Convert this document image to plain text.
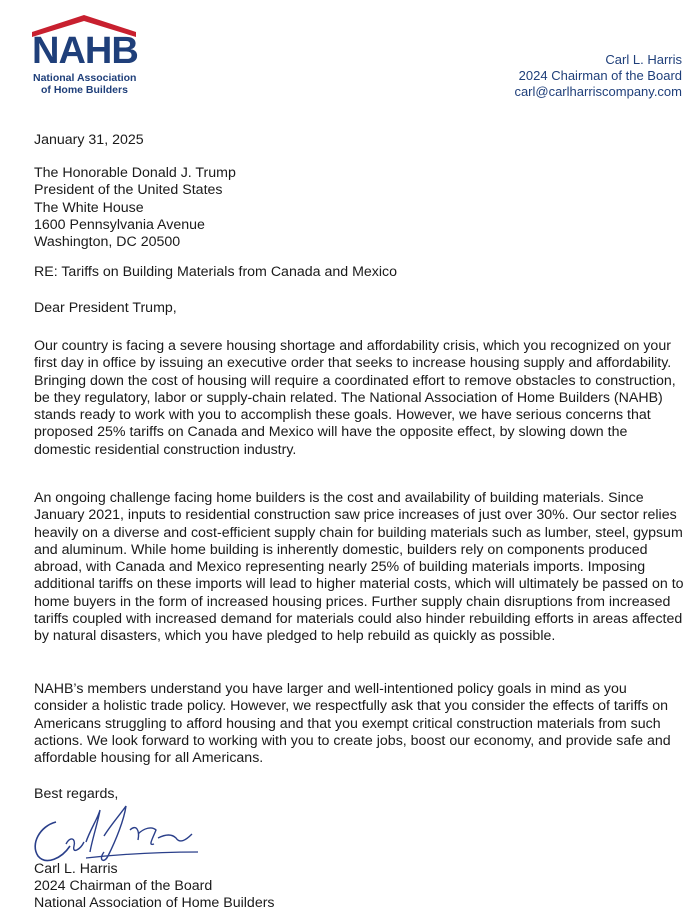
NAHB
National Association
of Home Builders
Carl L. Harris
2024 Chairman of the Board
carl@carlharriscompany.com
January 31, 2025
The Honorable Donald J. Trump
President of the United States
The White House
1600 Pennsylvania Avenue
Washington, DC 20500
RE: Tariffs on Building Materials from Canada and Mexico
Dear President Trump,
Our country is facing a severe housing shortage and affordability crisis, which you recognized on your first day in office by issuing an executive order that seeks to increase housing supply and affordability. Bringing down the cost of housing will require a coordinated effort to remove obstacles to construction, be they regulatory, labor or supply-chain related. The National Association of Home Builders (NAHB) stands ready to work with you to accomplish these goals. However, we have serious concerns that proposed 25% tariffs on Canada and Mexico will have the opposite effect, by slowing down the domestic residential construction industry.
An ongoing challenge facing home builders is the cost and availability of building materials. Since January 2021, inputs to residential construction saw price increases of just over 30%. Our sector relies heavily on a diverse and cost-efficient supply chain for building materials such as lumber, steel, gypsum and aluminum. While home building is inherently domestic, builders rely on components produced abroad, with Canada and Mexico representing nearly 25% of building materials imports. Imposing additional tariffs on these imports will lead to higher material costs, which will ultimately be passed on to home buyers in the form of increased housing prices. Further supply chain disruptions from increased tariffs coupled with increased demand for materials could also hinder rebuilding efforts in areas affected by natural disasters, which you have pledged to help rebuild as quickly as possible.
NAHB’s members understand you have larger and well-intentioned policy goals in mind as you consider a holistic trade policy. However, we respectfully ask that you consider the effects of tariffs on Americans struggling to afford housing and that you exempt critical construction materials from such actions. We look forward to working with you to create jobs, boost our economy, and provide safe and affordable housing for all Americans.
Best regards,
Carl L. Harris
2024 Chairman of the Board
National Association of Home Builders
